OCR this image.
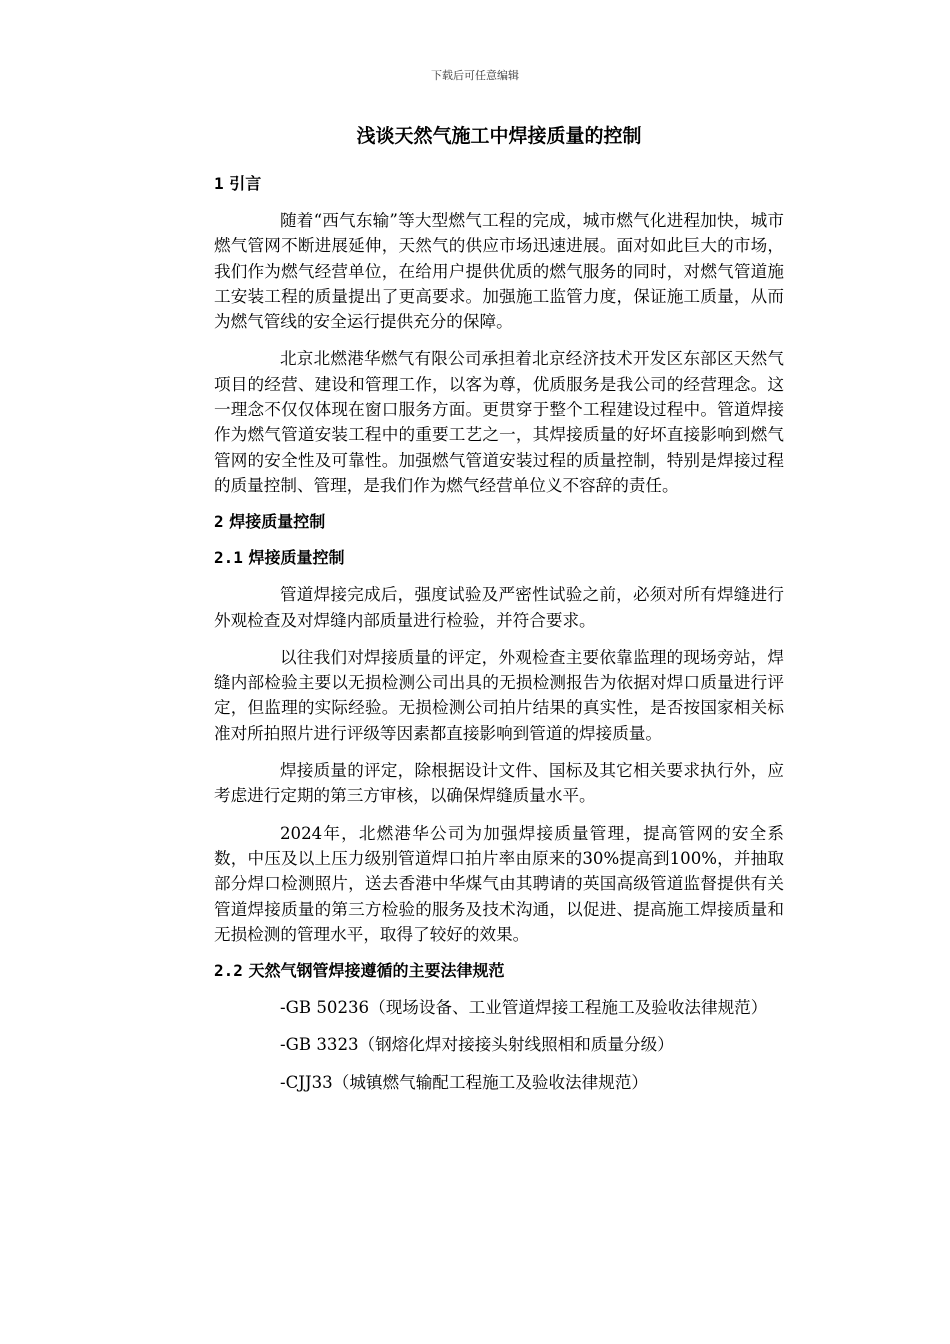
下载后可任意编辑
浅谈天然气施工中焊接质量的控制
1 引言

随着“西气东输”等大型燃气工程的完成，城市燃气化进程加快，城市燃气管网不断进展延伸，天然气的供应市场迅速进展。面对如此巨大的市场，我们作为燃气经营单位，在给用户提供优质的燃气服务的同时，对燃气管道施工安装工程的质量提出了更高要求。加强施工监管力度，保证施工质量，从而为燃气管线的安全运行提供充分的保障。

北京北燃港华燃气有限公司承担着北京经济技术开发区东部区天然气项目的经营、建设和管理工作，以客为尊，优质服务是我公司的经营理念。这一理念不仅仅体现在窗口服务方面。更贯穿于整个工程建设过程中。管道焊接作为燃气管道安装工程中的重要工艺之一，其焊接质量的好坏直接影响到燃气管网的安全性及可靠性。加强燃气管道安装过程的质量控制，特别是焊接过程的质量控制、管理，是我们作为燃气经营单位义不容辞的责任。

2 焊接质量控制
2.1 焊接质量控制

管道焊接完成后，强度试验及严密性试验之前，必须对所有焊缝进行外观检查及对焊缝内部质量进行检验，并符合要求。

以往我们对焊接质量的评定，外观检查主要依靠监理的现场旁站，焊缝内部检验主要以无损检测公司出具的无损检测报告为依据对焊口质量进行评定，但监理的实际经验。无损检测公司拍片结果的真实性，是否按国家相关标准对所拍照片进行评级等因素都直接影响到管道的焊接质量。

焊接质量的评定，除根据设计文件、国标及其它相关要求执行外，应考虑进行定期的第三方审核，以确保焊缝质量水平。

2024年，北燃港华公司为加强焊接质量管理，提高管网的安全系数，中压及以上压力级别管道焊口拍片率由原来的30%提高到100%，并抽取部分焊口检测照片，送去香港中华煤气由其聘请的英国高级管道监督提供有关管道焊接质量的第三方检验的服务及技术沟通，以促进、提高施工焊接质量和无损检测的管理水平，取得了较好的效果。

2.2 天然气钢管焊接遵循的主要法律规范

-GB 50236（现场设备、工业管道焊接工程施工及验收法律规范）

-GB 3323（钢熔化焊对接接头射线照相和质量分级）

-CJJ33（城镇燃气输配工程施工及验收法律规范）
